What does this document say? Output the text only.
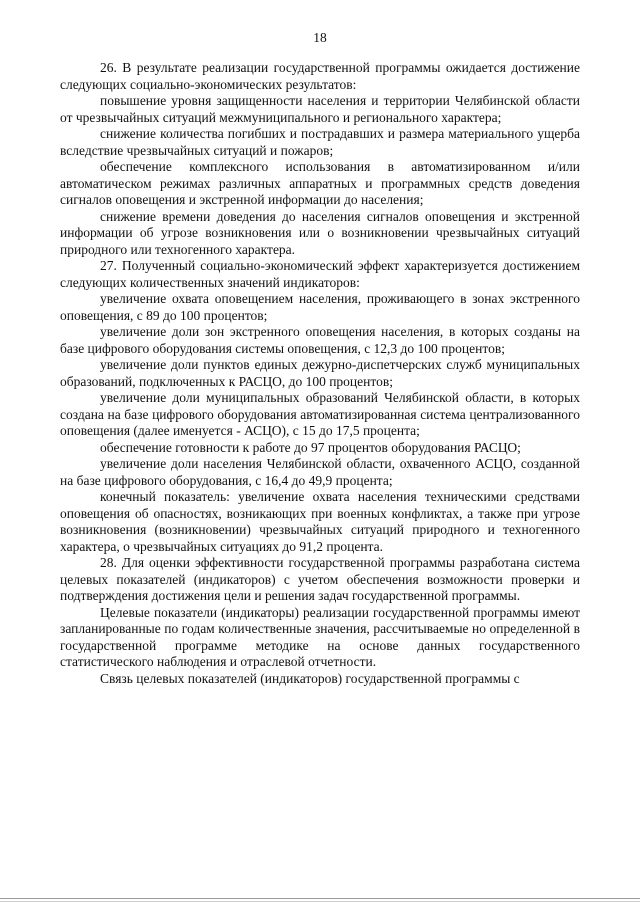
18

26. В результате реализации государственной программы ожидается достижение следующих социально-экономических результатов:

повышение уровня защищенности населения и территории Челябинской области от чрезвычайных ситуаций межмуниципального и регионального характера;

снижение количества погибших и пострадавших и размера материального ущерба вследствие чрезвычайных ситуаций и пожаров;

обеспечение комплексного использования в автоматизированном и/или автоматическом режимах различных аппаратных и программных средств доведения сигналов оповещения и экстренной информации до населения;

снижение времени доведения до населения сигналов оповещения и экстренной информации об угрозе возникновения или о возникновении чрезвычайных ситуаций природного или техногенного характера.

27. Полученный социально-экономический эффект характеризуется достижением следующих количественных значений индикаторов:

увеличение охвата оповещением населения, проживающего в зонах экстренного оповещения, с 89 до 100 процентов;

увеличение доли зон экстренного оповещения населения, в которых созданы на базе цифрового оборудования системы оповещения, с 12,3 до 100 процентов;

увеличение доли пунктов единых дежурно-диспетчерских служб муниципальных образований, подключенных к РАСЦО, до 100 процентов;

увеличение доли муниципальных образований Челябинской области, в которых создана на базе цифрового оборудования автоматизированная система централизованного оповещения (далее именуется - АСЦО), с 15 до 17,5 процента;

обеспечение готовности к работе до 97 процентов оборудования РАСЦО;

увеличение доли населения Челябинской области, охваченного АСЦО, созданной на базе цифрового оборудования, с 16,4 до 49,9 процента;

конечный показатель: увеличение охвата населения техническими средствами оповещения об опасностях, возникающих при военных конфликтах, а также при угрозе возникновения (возникновении) чрезвычайных ситуаций природного и техногенного характера, о чрезвычайных ситуациях до 91,2 процента.

28. Для оценки эффективности государственной программы разработана система целевых показателей (индикаторов) с учетом обеспечения возможности проверки и подтверждения достижения цели и решения задач государственной программы.

Целевые показатели (индикаторы) реализации государственной программы имеют запланированные по годам количественные значения, рассчитываемые но определенной в государственной программе методике на основе данных государственного статистического наблюдения и отраслевой отчетности.

Связь целевых показателей (индикаторов) государственной программы с
